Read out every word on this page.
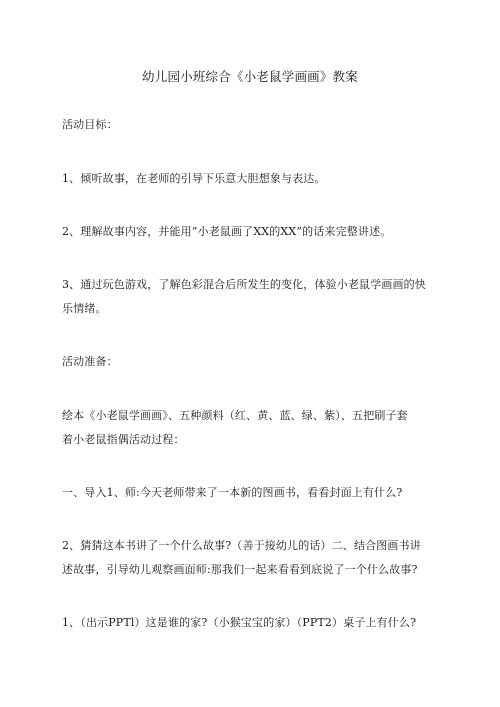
幼儿园小班综合《小老鼠学画画》教案
活动目标：
1、倾听故事，在老师的引导下乐意大胆想象与表达。
2、理解故事内容，并能用”小老鼠画了XX的XX”的话来完整讲述。
3、通过玩色游戏，了解色彩混合后所发生的变化，体验小老鼠学画画的快
乐情绪。
活动准备：
绘本《小老鼠学画画》、五种颜料（红、黄、蓝、绿、紫）、五把刷子套
着小老鼠指偶活动过程：
一、导入1、师:今天老师带来了一本新的图画书，看看封面上有什么?
2、猜猜这本书讲了一个什么故事?（善于接幼儿的话）二、结合图画书讲
述故事，引导幼儿观察画面师:那我们一起来看看到底说了一个什么故事?
1、（出示PPTl）这是谁的家?（小猴宝宝的家）（PPT2）桌子上有什么?
